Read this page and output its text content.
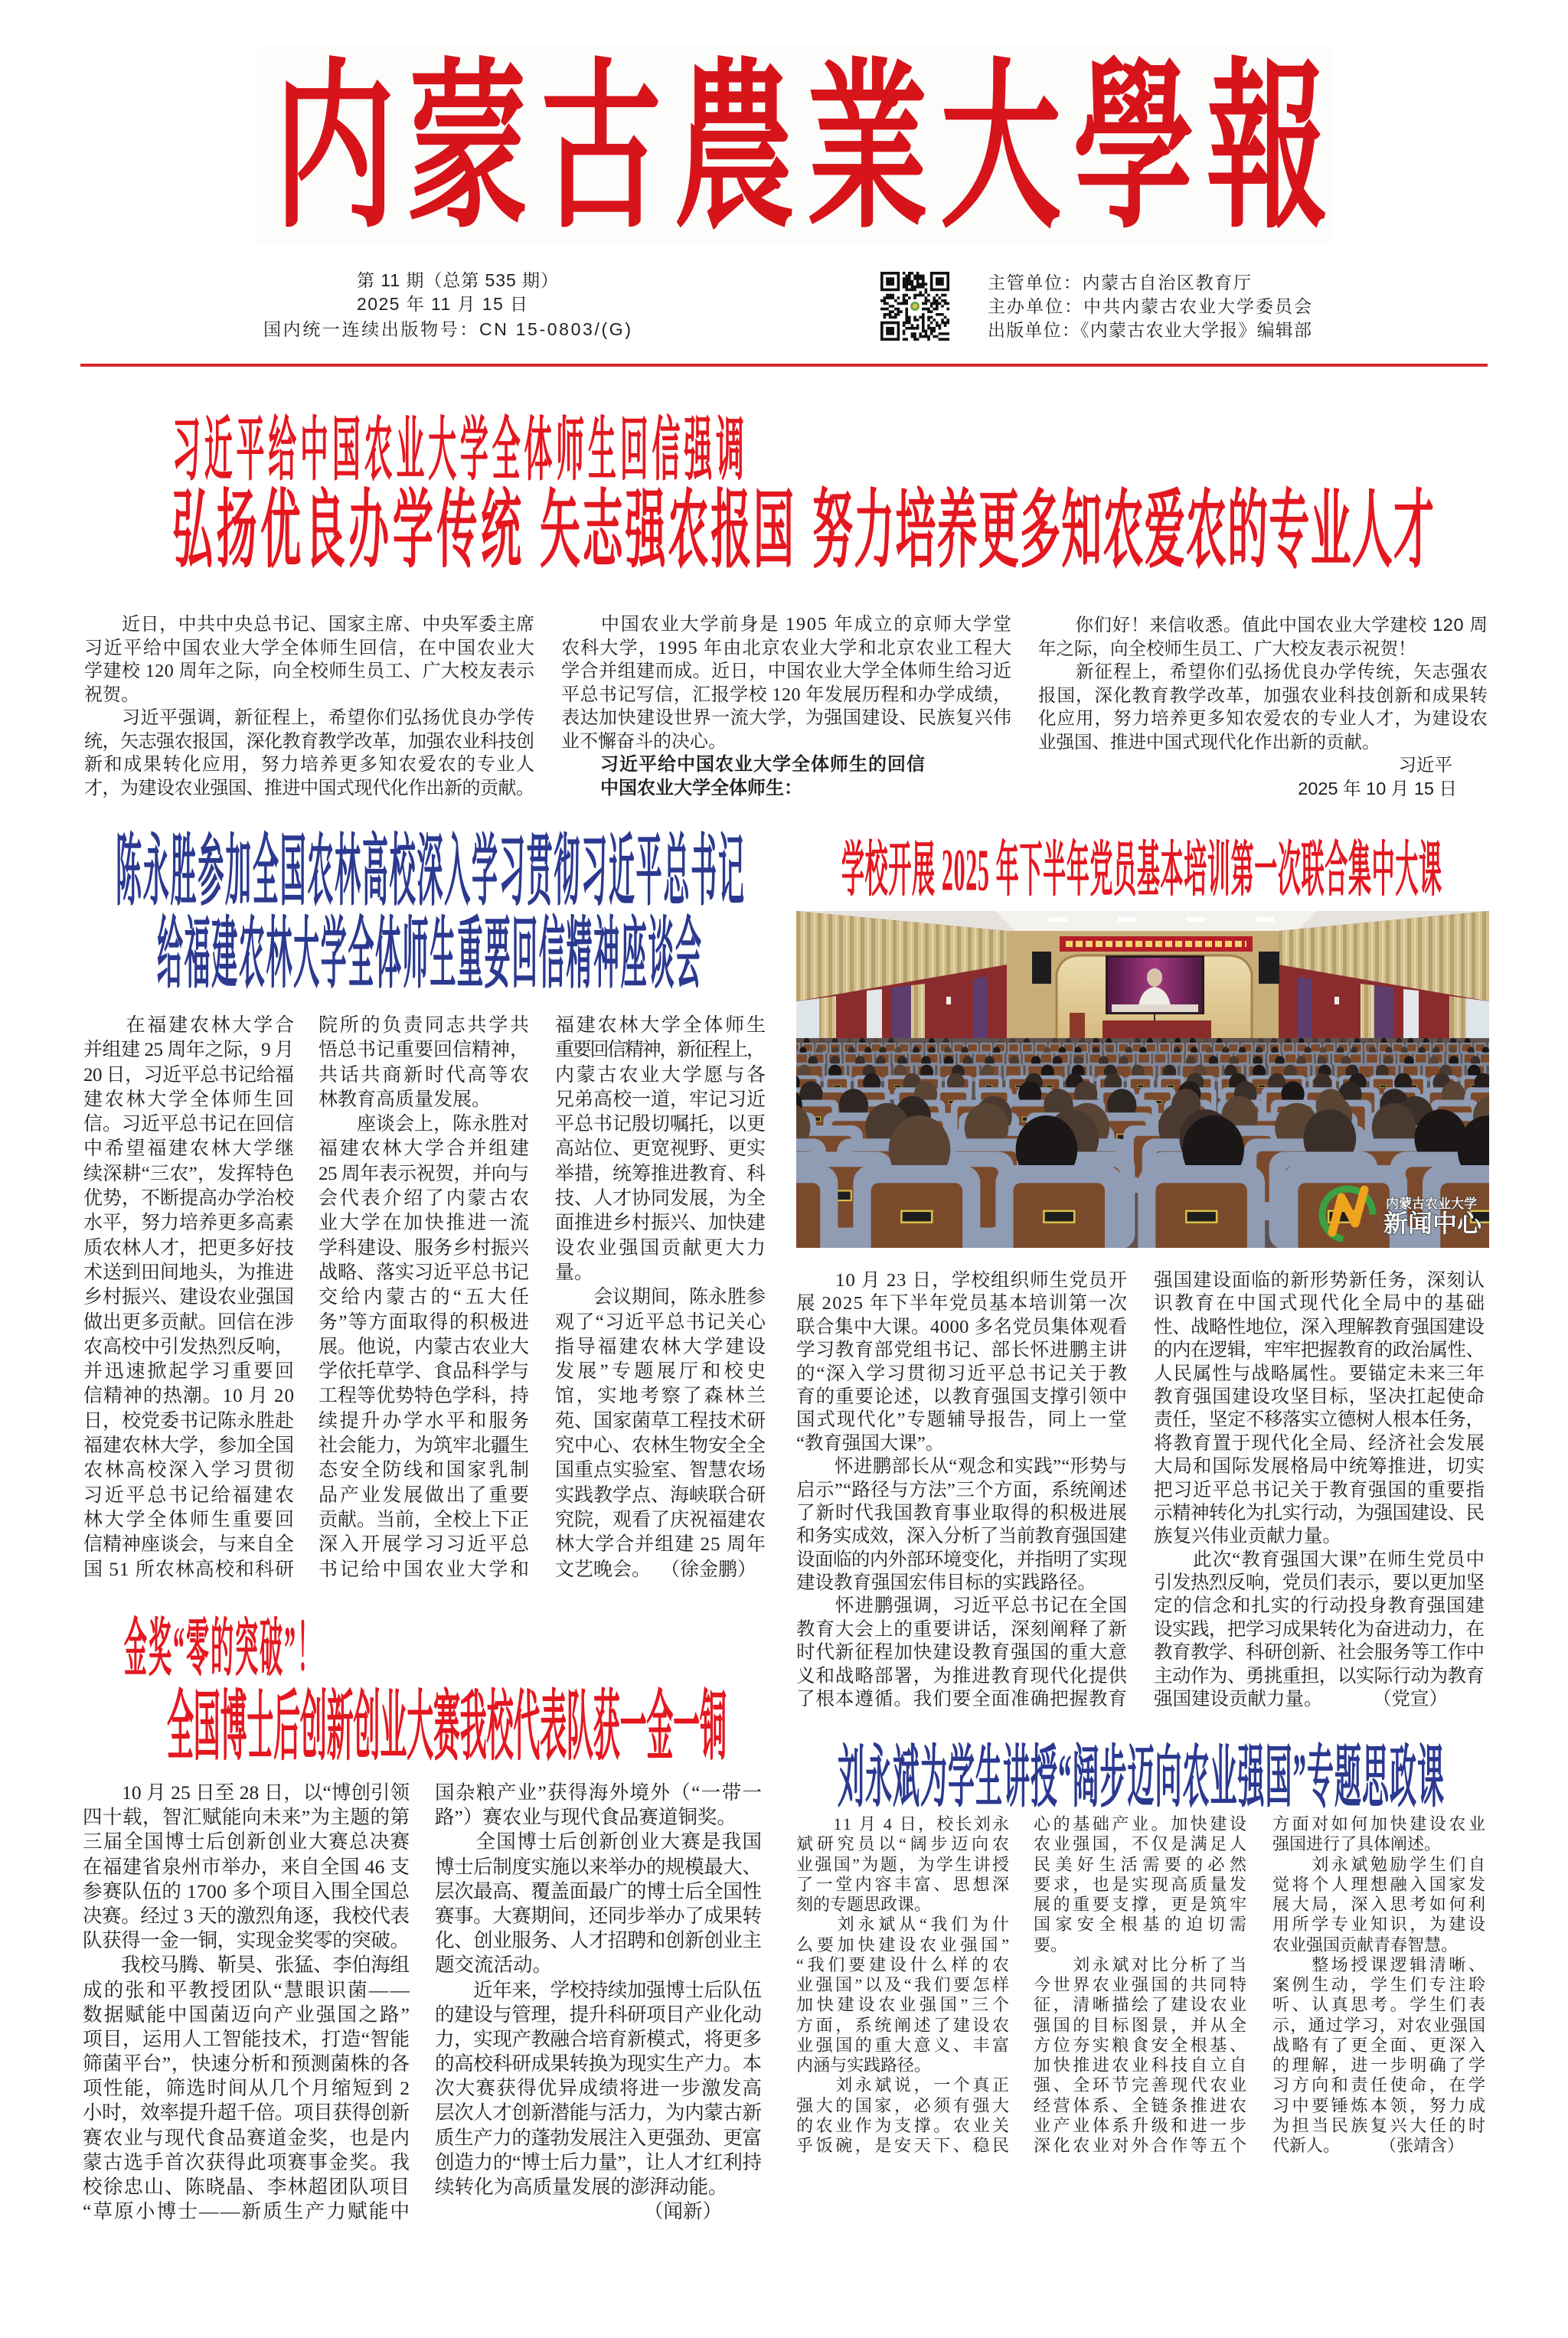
内蒙古農業大學報
第 11 期（总第 535 期）
2025 年 11 月 15 日
国内统一连续出版物号：CN 15-0803/(G)
主管单位：内蒙古自治区教育厅
主办单位：中共内蒙古农业大学委员会
出版单位：《内蒙古农业大学报》编辑部
习近平给中国农业大学全体师生回信强调
弘扬优良办学传统 矢志强农报国 努力培养更多知农爱农的专业人才
　　近日，中共中央总书记、国家主席、中央军委主席
习近平给中国农业大学全体师生回信，在中国农业大
学建校 120 周年之际，向全校师生员工、广大校友表示
祝贺。
　　习近平强调，新征程上，希望你们弘扬优良办学传
统，矢志强农报国，深化教育教学改革，加强农业科技创
新和成果转化应用，努力培养更多知农爱农的专业人
才，为建设农业强国、推进中国式现代化作出新的贡献。
习近平给中国农业大学全体师生的回信
中国农业大学全体师生：
　　中国农业大学前身是 1905 年成立的京师大学堂
农科大学，1995 年由北京农业大学和北京农业工程大
学合并组建而成。近日，中国农业大学全体师生给习近
平总书记写信，汇报学校 120 年发展历程和办学成绩，
表达加快建设世界一流大学，为强国建设、民族复兴伟
业不懈奋斗的决心。
习近平
2025 年 10 月 15 日
　　你们好！来信收悉。值此中国农业大学建校 120 周
年之际，向全校师生员工、广大校友表示祝贺！
　　新征程上，希望你们弘扬优良办学传统，矢志强农
报国，深化教育教学改革，加强农业科技创新和成果转
化应用，努力培养更多知农爱农的专业人才，为建设农
业强国、推进中国式现代化作出新的贡献。
陈永胜参加全国农林高校深入学习贯彻习近平总书记
给福建农林大学全体师生重要回信精神座谈会
　　在福建农林大学合
并组建 25 周年之际，9 月
20 日，习近平总书记给福
建农林大学全体师生回
信。习近平总书记在回信
中希望福建农林大学继
续深耕“三农”，发挥特色
优势，不断提高办学治校
水平，努力培养更多高素
质农林人才，把更多好技
术送到田间地头，为推进
乡村振兴、建设农业强国
做出更多贡献。回信在涉
农高校中引发热烈反响，
并迅速掀起学习重要回
信精神的热潮。10 月 20
日，校党委书记陈永胜赴
福建农林大学，参加全国
农林高校深入学习贯彻
习近平总书记给福建农
林大学全体师生重要回
信精神座谈会，与来自全
国 51 所农林高校和科研
院所的负责同志共学共
悟总书记重要回信精神，
共话共商新时代高等农
林教育高质量发展。
　　座谈会上，陈永胜对
福建农林大学合并组建
25 周年表示祝贺，并向与
会代表介绍了内蒙古农
业大学在加快推进一流
学科建设、服务乡村振兴
战略、落实习近平总书记
交给内蒙古的“五大任
务”等方面取得的积极进
展。他说，内蒙古农业大
学依托草学、食品科学与
工程等优势特色学科，持
续提升办学水平和服务
社会能力，为筑牢北疆生
态安全防线和国家乳制
品产业发展做出了重要
贡献。当前，全校上下正
深入开展学习习近平总
书记给中国农业大学和	（徐金鹏）
福建农林大学全体师生
重要回信精神，新征程上，
内蒙古农业大学愿与各
兄弟高校一道，牢记习近
平总书记殷切嘱托，以更
高站位、更宽视野、更实
举措，统筹推进教育、科
技、人才协同发展，为全
面推进乡村振兴、加快建
设农业强国贡献更大力
量。
　　会议期间，陈永胜参
观了“习近平总书记关心
指导福建农林大学建设
发展”专题展厅和校史
馆，实地考察了森林兰
苑、国家菌草工程技术研
究中心、农林生物安全全
国重点实验室、智慧农场
实践教学点、海峡联合研
究院，观看了庆祝福建农
林大学合并组建 25 周年
文艺晚会。
学校开展 2025 年下半年党员基本培训第一次联合集中大课
内蒙古农业大学
新闻中心
　　10 月 23 日，学校组织师生党员开
展 2025 年下半年党员基本培训第一次
联合集中大课。4000 多名党员集体观看
学习教育部党组书记、部长怀进鹏主讲
的“深入学习贯彻习近平总书记关于教
育的重要论述，以教育强国支撑引领中
国式现代化”专题辅导报告，同上一堂
“教育强国大课”。
　　怀进鹏部长从“观念和实践”“形势与
启示”“路径与方法”三个方面，系统阐述
了新时代我国教育事业取得的积极进展
和务实成效，深入分析了当前教育强国建
设面临的内外部环境变化，并指明了实现
建设教育强国宏伟目标的实践路径。
　　怀进鹏强调，习近平总书记在全国
教育大会上的重要讲话，深刻阐释了新
时代新征程加快建设教育强国的重大意
义和战略部署，为推进教育现代化提供
了根本遵循。我们要全面准确把握教育	（党宣）
强国建设面临的新形势新任务，深刻认
识教育在中国式现代化全局中的基础
性、战略性地位，深入理解教育强国建设
的内在逻辑，牢牢把握教育的政治属性、
人民属性与战略属性。要锚定未来三年
教育强国建设攻坚目标，坚决扛起使命
责任，坚定不移落实立德树人根本任务，
将教育置于现代化全局、经济社会发展
大局和国际发展格局中统筹推进，切实
把习近平总书记关于教育强国的重要指
示精神转化为扎实行动，为强国建设、民
族复兴伟业贡献力量。
　　此次“教育强国大课”在师生党员中
引发热烈反响，党员们表示，要以更加坚
定的信念和扎实的行动投身教育强国建
设实践，把学习成果转化为奋进动力，在
教育教学、科研创新、社会服务等工作中
主动作为、勇挑重担，以实际行动为教育
强国建设贡献力量。
金奖“零的突破”！
全国博士后创新创业大赛我校代表队获一金一铜
　　10 月 25 日至 28 日，以“博创引领
四十载，智汇赋能向未来”为主题的第
三届全国博士后创新创业大赛总决赛
在福建省泉州市举办，来自全国 46 支
参赛队伍的 1700 多个项目入围全国总
决赛。经过 3 天的激烈角逐，我校代表
队获得一金一铜，实现金奖零的突破。
　　我校马腾、靳昊、张猛、李伯海组
成的张和平教授团队“慧眼识菌——
数据赋能中国菌迈向产业强国之路”
项目，运用人工智能技术，打造“智能
筛菌平台”，快速分析和预测菌株的各
项性能，筛选时间从几个月缩短到 2
小时，效率提升超千倍。项目获得创新
赛农业与现代食品赛道金奖，也是内
蒙古选手首次获得此项赛事金奖。我
校徐忠山、陈晓晶、李林超团队项目
“草原小博士——新质生产力赋能中	（闻新）
国杂粮产业”获得海外境外（“一带一
路”）赛农业与现代食品赛道铜奖。
　　全国博士后创新创业大赛是我国
博士后制度实施以来举办的规模最大、
层次最高、覆盖面最广的博士后全国性
赛事。大赛期间，还同步举办了成果转
化、创业服务、人才招聘和创新创业主
题交流活动。
　　近年来，学校持续加强博士后队伍
的建设与管理，提升科研项目产业化动
力，实现产教融合培育新模式，将更多
的高校科研成果转换为现实生产力。本
次大赛获得优异成绩将进一步激发高
层次人才创新潜能与活力，为内蒙古新
质生产力的蓬勃发展注入更强劲、更富
创造力的“博士后力量”，让人才红利持
续转化为高质量发展的澎湃动能。
刘永斌为学生讲授“阔步迈向农业强国”专题思政课
　　11 月 4 日，校长刘永
斌研究员以“阔步迈向农
业强国”为题，为学生讲授
了一堂内容丰富、思想深
刻的专题思政课。
　　刘永斌从“我们为什
么要加快建设农业强国”
“我们要建设什么样的农
业强国”以及“我们要怎样
加快建设农业强国”三个
方面，系统阐述了建设农
业强国的重大意义、丰富
内涵与实践路径。
　　刘永斌说，一个真正
强大的国家，必须有强大
的农业作为支撑。农业关
乎饭碗，是安天下、稳民
心的基础产业。加快建设
农业强国，不仅是满足人
民美好生活需要的必然
要求，也是实现高质量发
展的重要支撑，更是筑牢
国家安全根基的迫切需
要。
　　刘永斌对比分析了当
今世界农业强国的共同特
征，清晰描绘了建设农业
强国的目标图景，并从全
方位夯实粮食安全根基、
加快推进农业科技自立自
强、全环节完善现代农业
经营体系、全链条推进农
业产业体系升级和进一步
深化农业对外合作等五个	（张靖含）
方面对如何加快建设农业
强国进行了具体阐述。
　　刘永斌勉励学生们自
觉将个人理想融入国家发
展大局，深入思考如何利
用所学专业知识，为建设
农业强国贡献青春智慧。
　　整场授课逻辑清晰、
案例生动，学生们专注聆
听、认真思考。学生们表
示，通过学习，对农业强国
战略有了更全面、更深入
的理解，进一步明确了学
习方向和责任使命，在学
习中要锤炼本领，努力成
为担当民族复兴大任的时
代新人。
